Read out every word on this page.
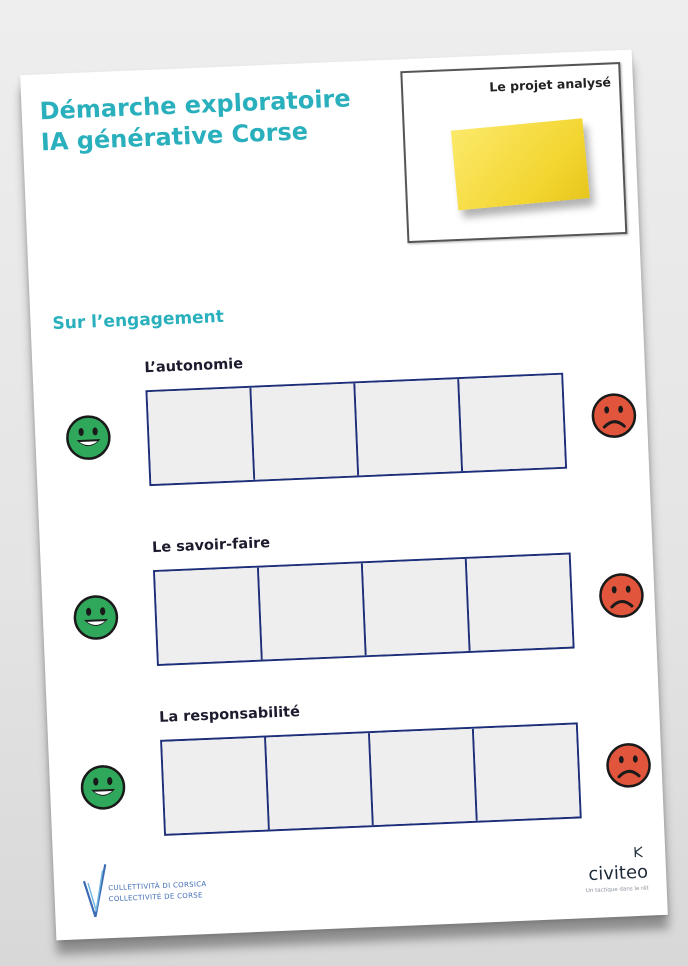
Démarche exploratoire
IA générative Corse
Le projet analysé
Sur l’engagement
L’autonomie
Le savoir-faire
La responsabilité
CULLETTIVITÀ DI CORSICA
COLLECTIVITÉ DE CORSE
civiteo
Un tactique dans le rêt
